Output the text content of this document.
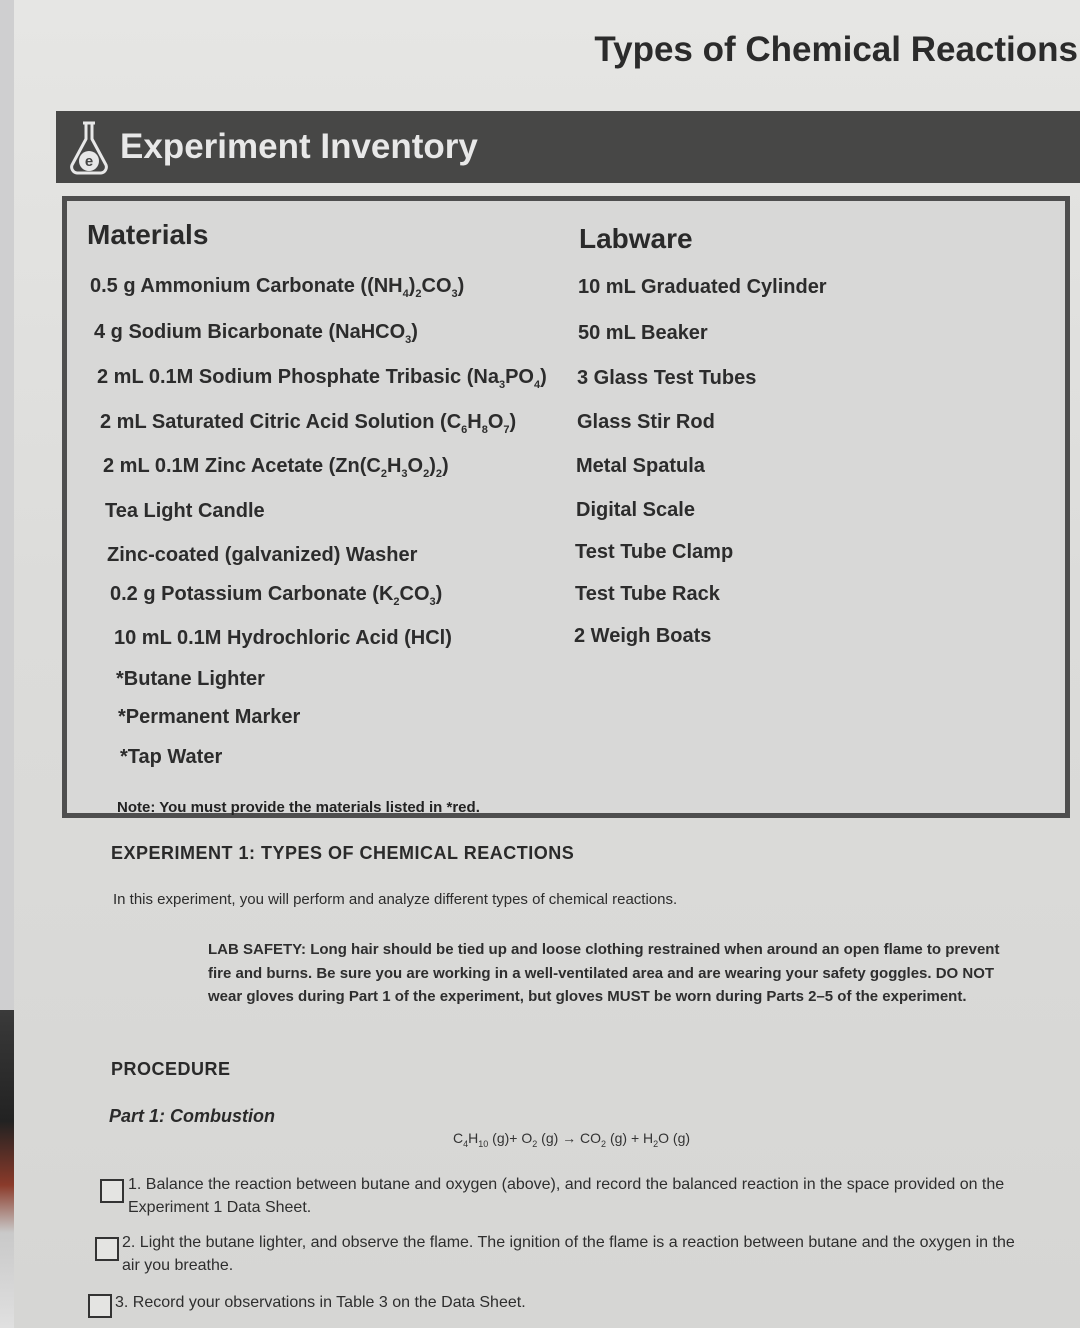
Types of Chemical Reactions
e Experiment Inventory
Materials	Labware
0.5 g Ammonium Carbonate $((NH_4)_2CO_3)$
4 g Sodium Bicarbonate (NaHCO$_3$)
2 mL 0.1M Sodium Phosphate Tribasic $(Na_3PO_4)$
2 mL Saturated Citric Acid Solution $(C_6H_8O_7)$
2 mL 0.1M Zinc Acetate $(Zn(C_2H_3O_2)_2)$
Tea Light Candle
Zinc-coated (galvanized) Washer
0.2 g Potassium Carbonate $(K_2CO_3)$
10 mL 0.1M Hydrochloric Acid (HCl)
*Butane Lighter
*Permanent Marker
*Tap Water
10 mL Graduated Cylinder
50 mL Beaker
3 Glass Test Tubes
Glass Stir Rod
Metal Spatula
Digital Scale
Test Tube Clamp
Test Tube Rack
2 Weigh Boats
Note: You must provide the materials listed in *red.
EXPERIMENT 1: TYPES OF CHEMICAL REACTIONS

In this experiment, you will perform and analyze different types of chemical reactions.

LAB SAFETY: Long hair should be tied up and loose clothing restrained when around an open flame to prevent fire and burns. Be sure you are working in a well-ventilated area and are wearing your safety goggles. DO NOT wear gloves during Part 1 of the experiment, but gloves MUST be worn during Parts 2–5 of the experiment.

PROCEDURE
Part 1: Combustion
$C_4H_{10}$ $(g)+ O_2$ $(g) \to CO_2$ $(g) + H_2O$ (g)
1. Balance the reaction between butane and oxygen (above), and record the balanced reaction in the space provided on the Experiment 1 Data Sheet.
2. Light the butane lighter, and observe the flame. The ignition of the flame is a reaction between butane and the oxygen in the air you breathe.
3. Record your observations in Table 3 on the Data Sheet.
